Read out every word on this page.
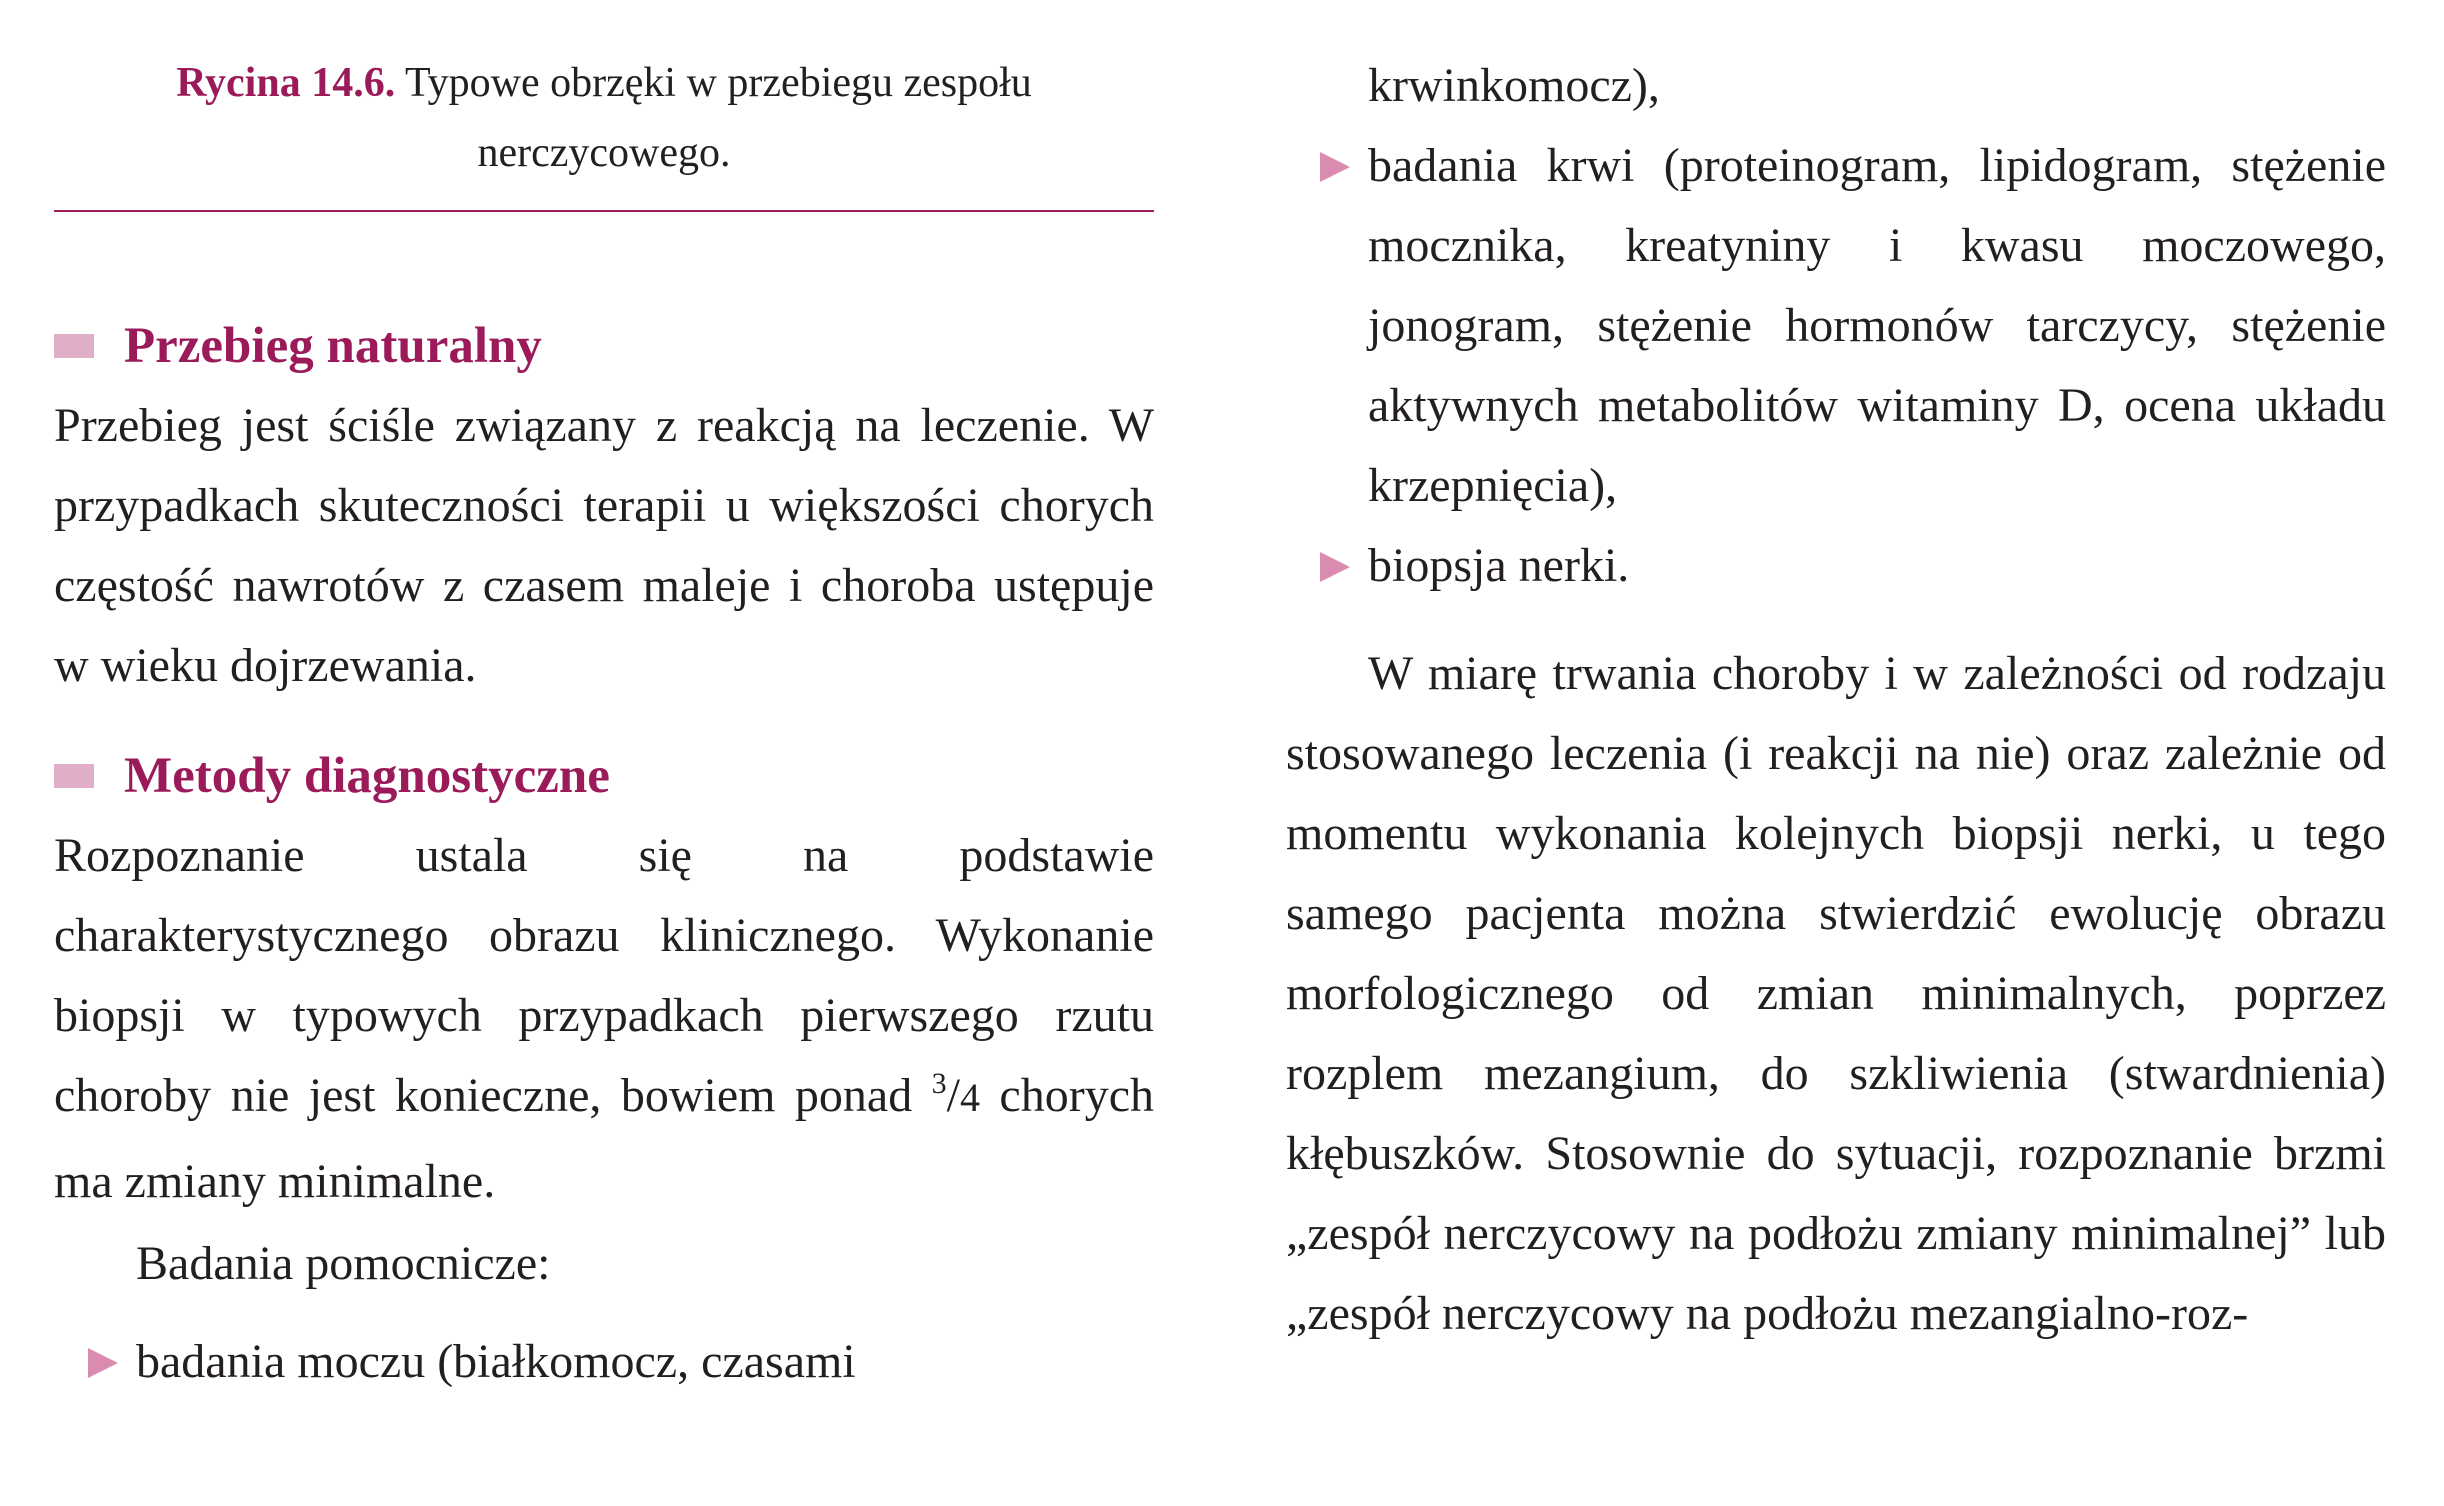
Rycina 14.6. Typowe obrzęki w przebiegu zespołu nerczycowego.
Przebieg naturalny

Przebieg jest ściśle związany z reakcją na leczenie. W przypadkach skuteczności terapii u większości chorych częstość nawrotów z czasem maleje i choroba ustępuje w wieku dojrzewania.

Metody diagnostyczne

Rozpoznanie ustala się na podstawie charakterystycznego obrazu klinicznego. Wykonanie biopsji w typowych przypadkach pierwszego rzutu choroby nie jest konieczne, bowiem ponad $^3$/4 chorych ma zmiany minimalne.

Badania pomocnicze:
badania moczu (białkomocz, czasami
krwinkomocz),
badania krwi (proteinogram, lipidogram, stężenie mocznika, kreatyniny i kwasu moczowego, jonogram, stężenie hormonów tarczycy, stężenie aktywnych metabolitów witaminy D, ocena układu krzepnięcia),
biopsja nerki.

W miarę trwania choroby i w zależności od rodzaju stosowanego leczenia (i reakcji na nie) oraz zależnie od momentu wykonania kolejnych biopsji nerki, u tego samego pacjenta można stwierdzić ewolucję obrazu morfologicznego od zmian minimalnych, poprzez rozplem mezangium, do szkliwienia (stwardnienia) kłębuszków. Stosownie do sytuacji, rozpoznanie brzmi „zespół nerczycowy na podłożu zmiany minimalnej” lub „zespół nerczycowy na podłożu mezangialno-roz-
